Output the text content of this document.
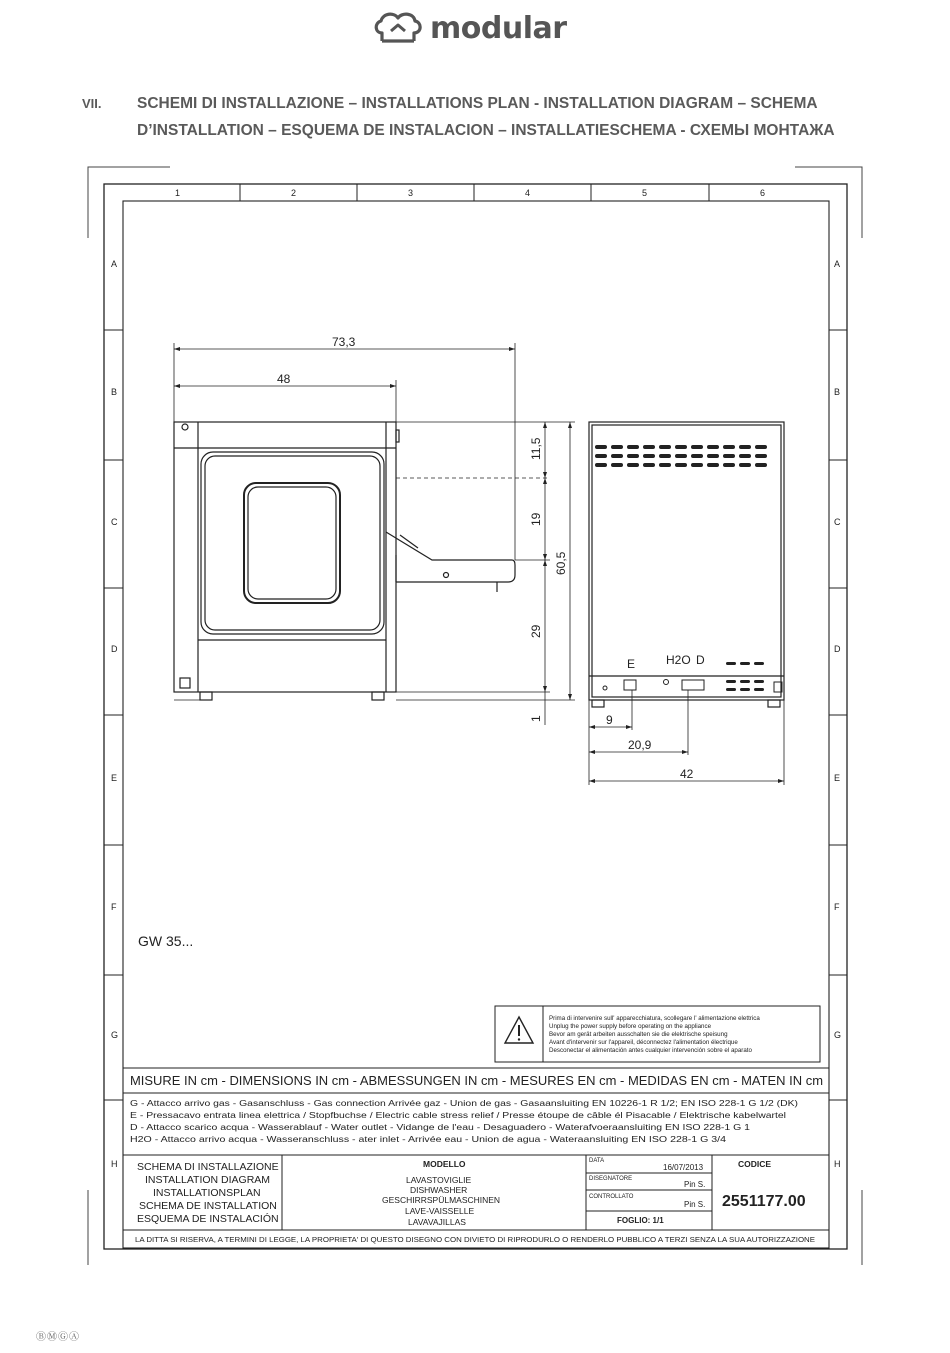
modular
VII. SCHEMI DI INSTALLAZIONE – INSTALLATIONS PLAN - INSTALLATION DIAGRAM – SCHEMA
D’INSTALLATION – ESQUEMA DE INSTALACION – INSTALLATIESCHEMA - СХЕМЫ МОНТАЖА
1	2	3	4	5	6
A
B
C
D
E
F
G
H
A
B
C
D
E
F
G
H
73,3
48
11,5
19
60,5
29
1
E	H2O D
9
20,9
42
GW 35...
Prima di intervenire sull' apparecchiatura, scollegare l' alimentazione elettrica
Unplug the power supply before operating on the appliance
Bevor am gerät arbeiten ausschalten sie die elektrische speisung
Avant d'intervenir sur l'appareil, déconnectez l'alimentation électrique
Desconectar el alimentación antes cualquier intervención sobre el aparato
MISURE IN cm - DIMENSIONS IN cm - ABMESSUNGEN IN cm - MESURES EN cm - MEDIDAS EN cm - MATEN IN cm
G - Attacco arrivo gas - Gasanschluss - Gas connection Arrivée gaz - Union de gas - Gasaansluiting EN 10226-1 R 1/2; EN ISO 228-1 G 1/2 (DK)
E - Pressacavo entrata linea elettrica / Stopfbuchse / Electric cable stress relief / Presse étoupe de câble él Pisacable / Elektrische kabelwartel
D - Attacco scarico acqua - Wasserablauf - Water outlet - Vidange de l'eau - Desaguadero - Waterafvoeraansluiting EN ISO 228-1 G 1
H2O - Attacco arrivo acqua - Wasseranschluss - ater inlet - Arrivée eau - Union de agua - Wateraansluiting EN ISO 228-1 G 3/4
SCHEMA DI INSTALLAZIONE
INSTALLATION DIAGRAM
INSTALLATIONSPLAN
SCHEMA DE INSTALLATION
ESQUEMA DE INSTALACIÓN
MODELLO
LAVASTOVIGLIE
DISHWASHER
GESCHIRRSPÜLMASCHINEN
LAVE-VAISSELLE
LAVAVAJILLAS
DATA
16/07/2013
DISEGNATORE
Pin S.
CONTROLLATO
Pin S.
FOGLIO: 1/1
CODICE
2551177.00
LA DITTA SI RISERVA, A TERMINI DI LEGGE, LA PROPRIETA' DI QUESTO DISEGNO CON DIVIETO DI RIPRODURLO O RENDERLO PUBBLICO A TERZI SENZA LA SUA AUTORIZZAZIONE
ⒷⓂⒼⒶ
